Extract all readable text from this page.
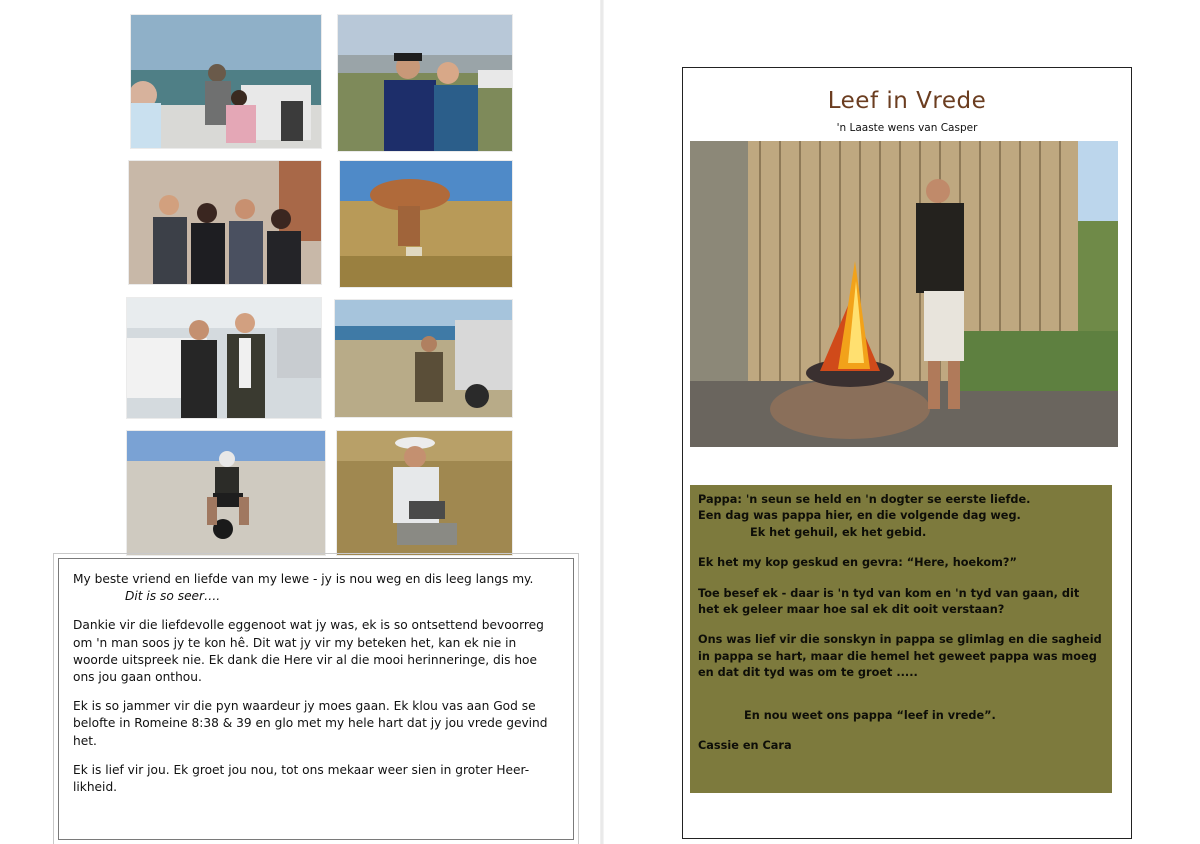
My beste vriend en liefde van my lewe - jy is nou weg en dis leeg langs my.

Dit is so seer….

Dankie vir die liefdevolle eggenoot wat jy was, ek is so ontsettend bevoorreg om 'n man soos jy te kon hê. Dit wat jy vir my beteken het, kan ek nie in woorde uitspreek nie. Ek dank die Here vir al die mooi herinneringe, dis hoe ons jou gaan onthou.

Ek is so jammer vir die pyn waardeur jy moes gaan. Ek klou vas aan God se belofte in Romeine 8:38 & 39 en glo met my hele hart dat jy jou vrede gevind het.

Ek is lief vir jou. Ek groet jou nou, tot ons mekaar weer sien in groter Heer-likheid.

Leef in Vrede
'n Laaste wens van Casper
Pappa: 'n seun se held en 'n dogter se eerste liefde.
Een dag was pappa hier, en die volgende dag weg.

Ek het gehuil, ek het gebid.

Ek het my kop geskud en gevra: “Here, hoekom?”

Toe besef ek - daar is 'n tyd van kom en 'n tyd van gaan, dit het ek geleer maar hoe sal ek dit ooit verstaan?

Ons was lief vir die sonskyn in pappa se glimlag en die sagheid in pappa se hart, maar die hemel het geweet pappa was moeg en dat dit tyd was om te groet .....

En nou weet ons pappa “leef in vrede”.

Cassie en Cara
